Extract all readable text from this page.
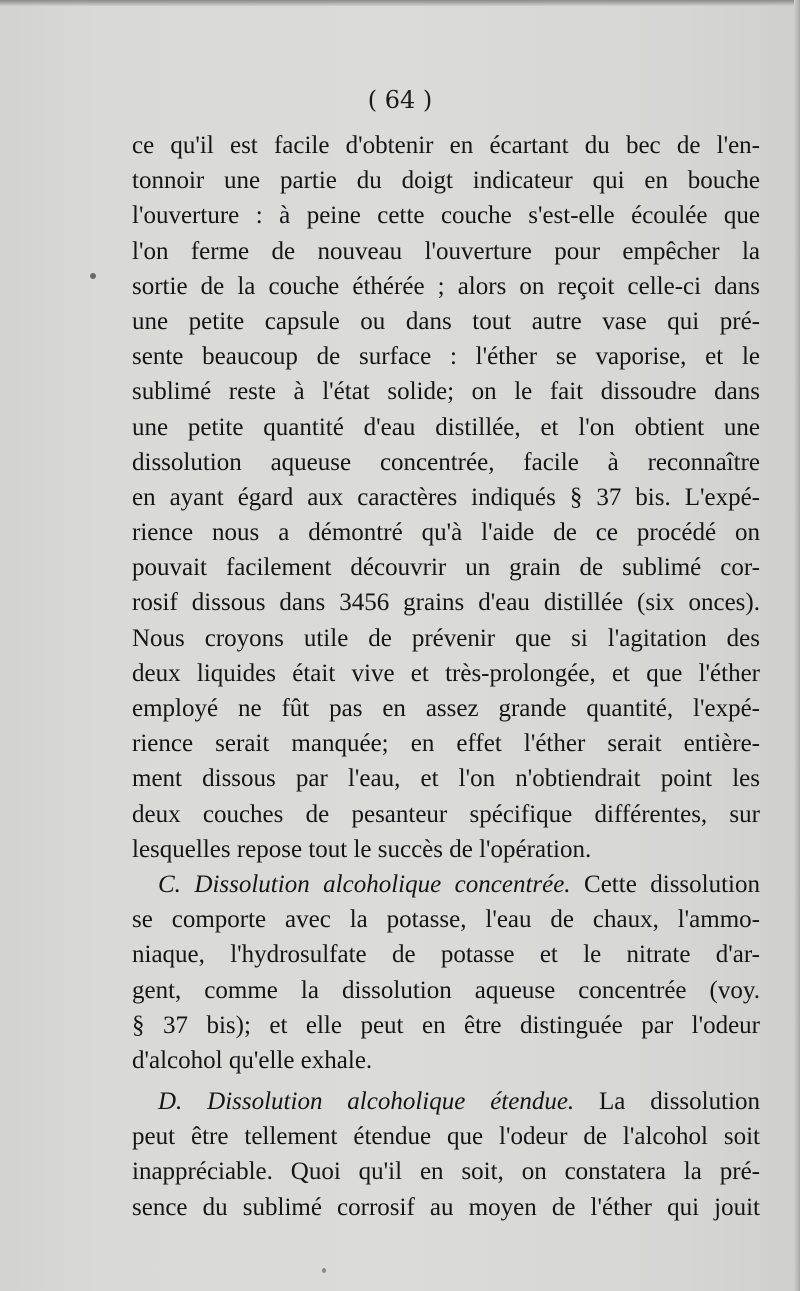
( 64 )
ce qu'il est facile d'obtenir en écartant du bec de l'en-
tonnoir une partie du doigt indicateur qui en bouche
l'ouverture : à peine cette couche s'est-elle écoulée que
l'on ferme de nouveau l'ouverture pour empêcher la
sortie de la couche éthérée ; alors on reçoit celle-ci dans
une petite capsule ou dans tout autre vase qui pré-
sente beaucoup de surface : l'éther se vaporise, et le
sublimé reste à l'état solide; on le fait dissoudre dans
une petite quantité d'eau distillée, et l'on obtient une
dissolution aqueuse concentrée, facile à reconnaître
en ayant égard aux caractères indiqués § 37 bis. L'expé-
rience nous a démontré qu'à l'aide de ce procédé on
pouvait facilement découvrir un grain de sublimé cor-
rosif dissous dans 3456 grains d'eau distillée (six onces).
Nous croyons utile de prévenir que si l'agitation des
deux liquides était vive et très-prolongée, et que l'éther
employé ne fût pas en assez grande quantité, l'expé-
rience serait manquée; en effet l'éther serait entière-
ment dissous par l'eau, et l'on n'obtiendrait point les
deux couches de pesanteur spécifique différentes, sur
lesquelles repose tout le succès de l'opération.
C. Dissolution alcoholique concentrée. Cette dissolution
se comporte avec la potasse, l'eau de chaux, l'ammo-
niaque, l'hydrosulfate de potasse et le nitrate d'ar-
gent, comme la dissolution aqueuse concentrée (voy.
§ 37 bis); et elle peut en être distinguée par l'odeur
d'alcohol qu'elle exhale.
D. Dissolution alcoholique étendue. La dissolution
peut être tellement étendue que l'odeur de l'alcohol soit
inappréciable. Quoi qu'il en soit, on constatera la pré-
sence du sublimé corrosif au moyen de l'éther qui jouit
